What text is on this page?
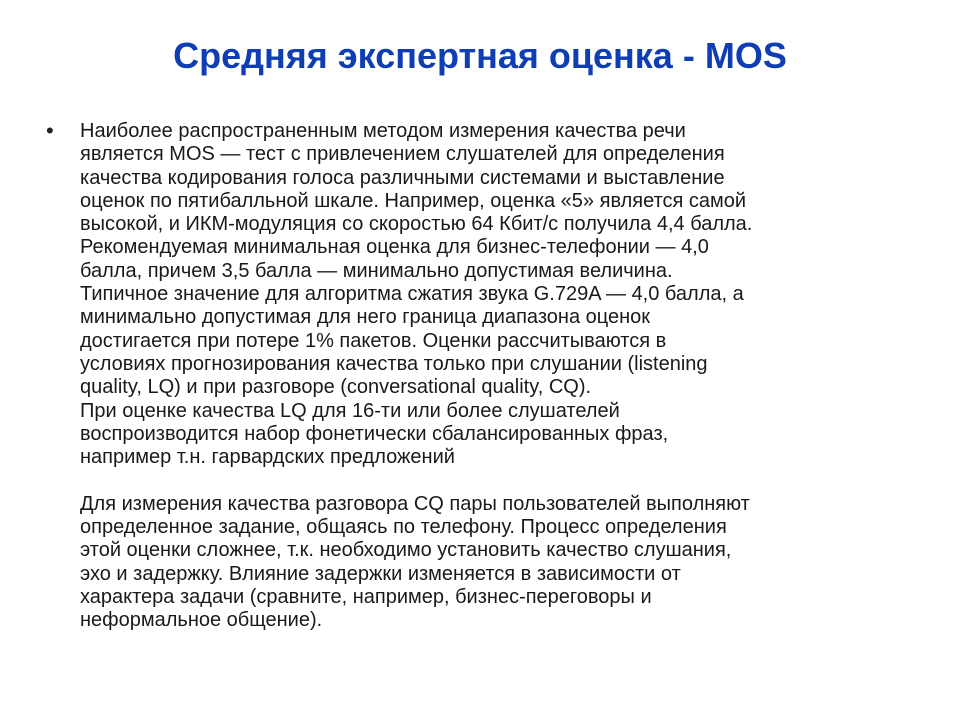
Средняя экспертная оценка - MOS
• Наиболее распространенным методом измерения качества речи
является MOS — тест с привлечением слушателей для определения
качества кодирования голоса различными системами и выставление
оценок по пятибалльной шкале. Например, оценка «5» является самой
высокой, и ИКМ-модуляция со скоростью 64 Кбит/с получила 4,4 балла.
Рекомендуемая минимальная оценка для бизнес-телефонии — 4,0
балла, причем 3,5 балла — минимально допустимая величина.
Типичное значение для алгоритма сжатия звука G.729A — 4,0 балла, а
минимально допустимая для него граница диапазона оценок
достигается при потере 1% пакетов. Оценки рассчитываются в
условиях прогнозирования качества только при слушании (listening
quality, LQ) и при разговоре (conversational quality, CQ).
При оценке качества LQ для 16-ти или более слушателей
воспроизводится набор фонетически сбалансированных фраз,
например т.н. гарвардских предложений
Для измерения качества разговора CQ пары пользователей выполняют
определенное задание, общаясь по телефону. Процесс определения
этой оценки сложнее, т.к. необходимо установить качество слушания,
эхо и задержку. Влияние задержки изменяется в зависимости от
характера задачи (сравните, например, бизнес-переговоры и
неформальное общение).
